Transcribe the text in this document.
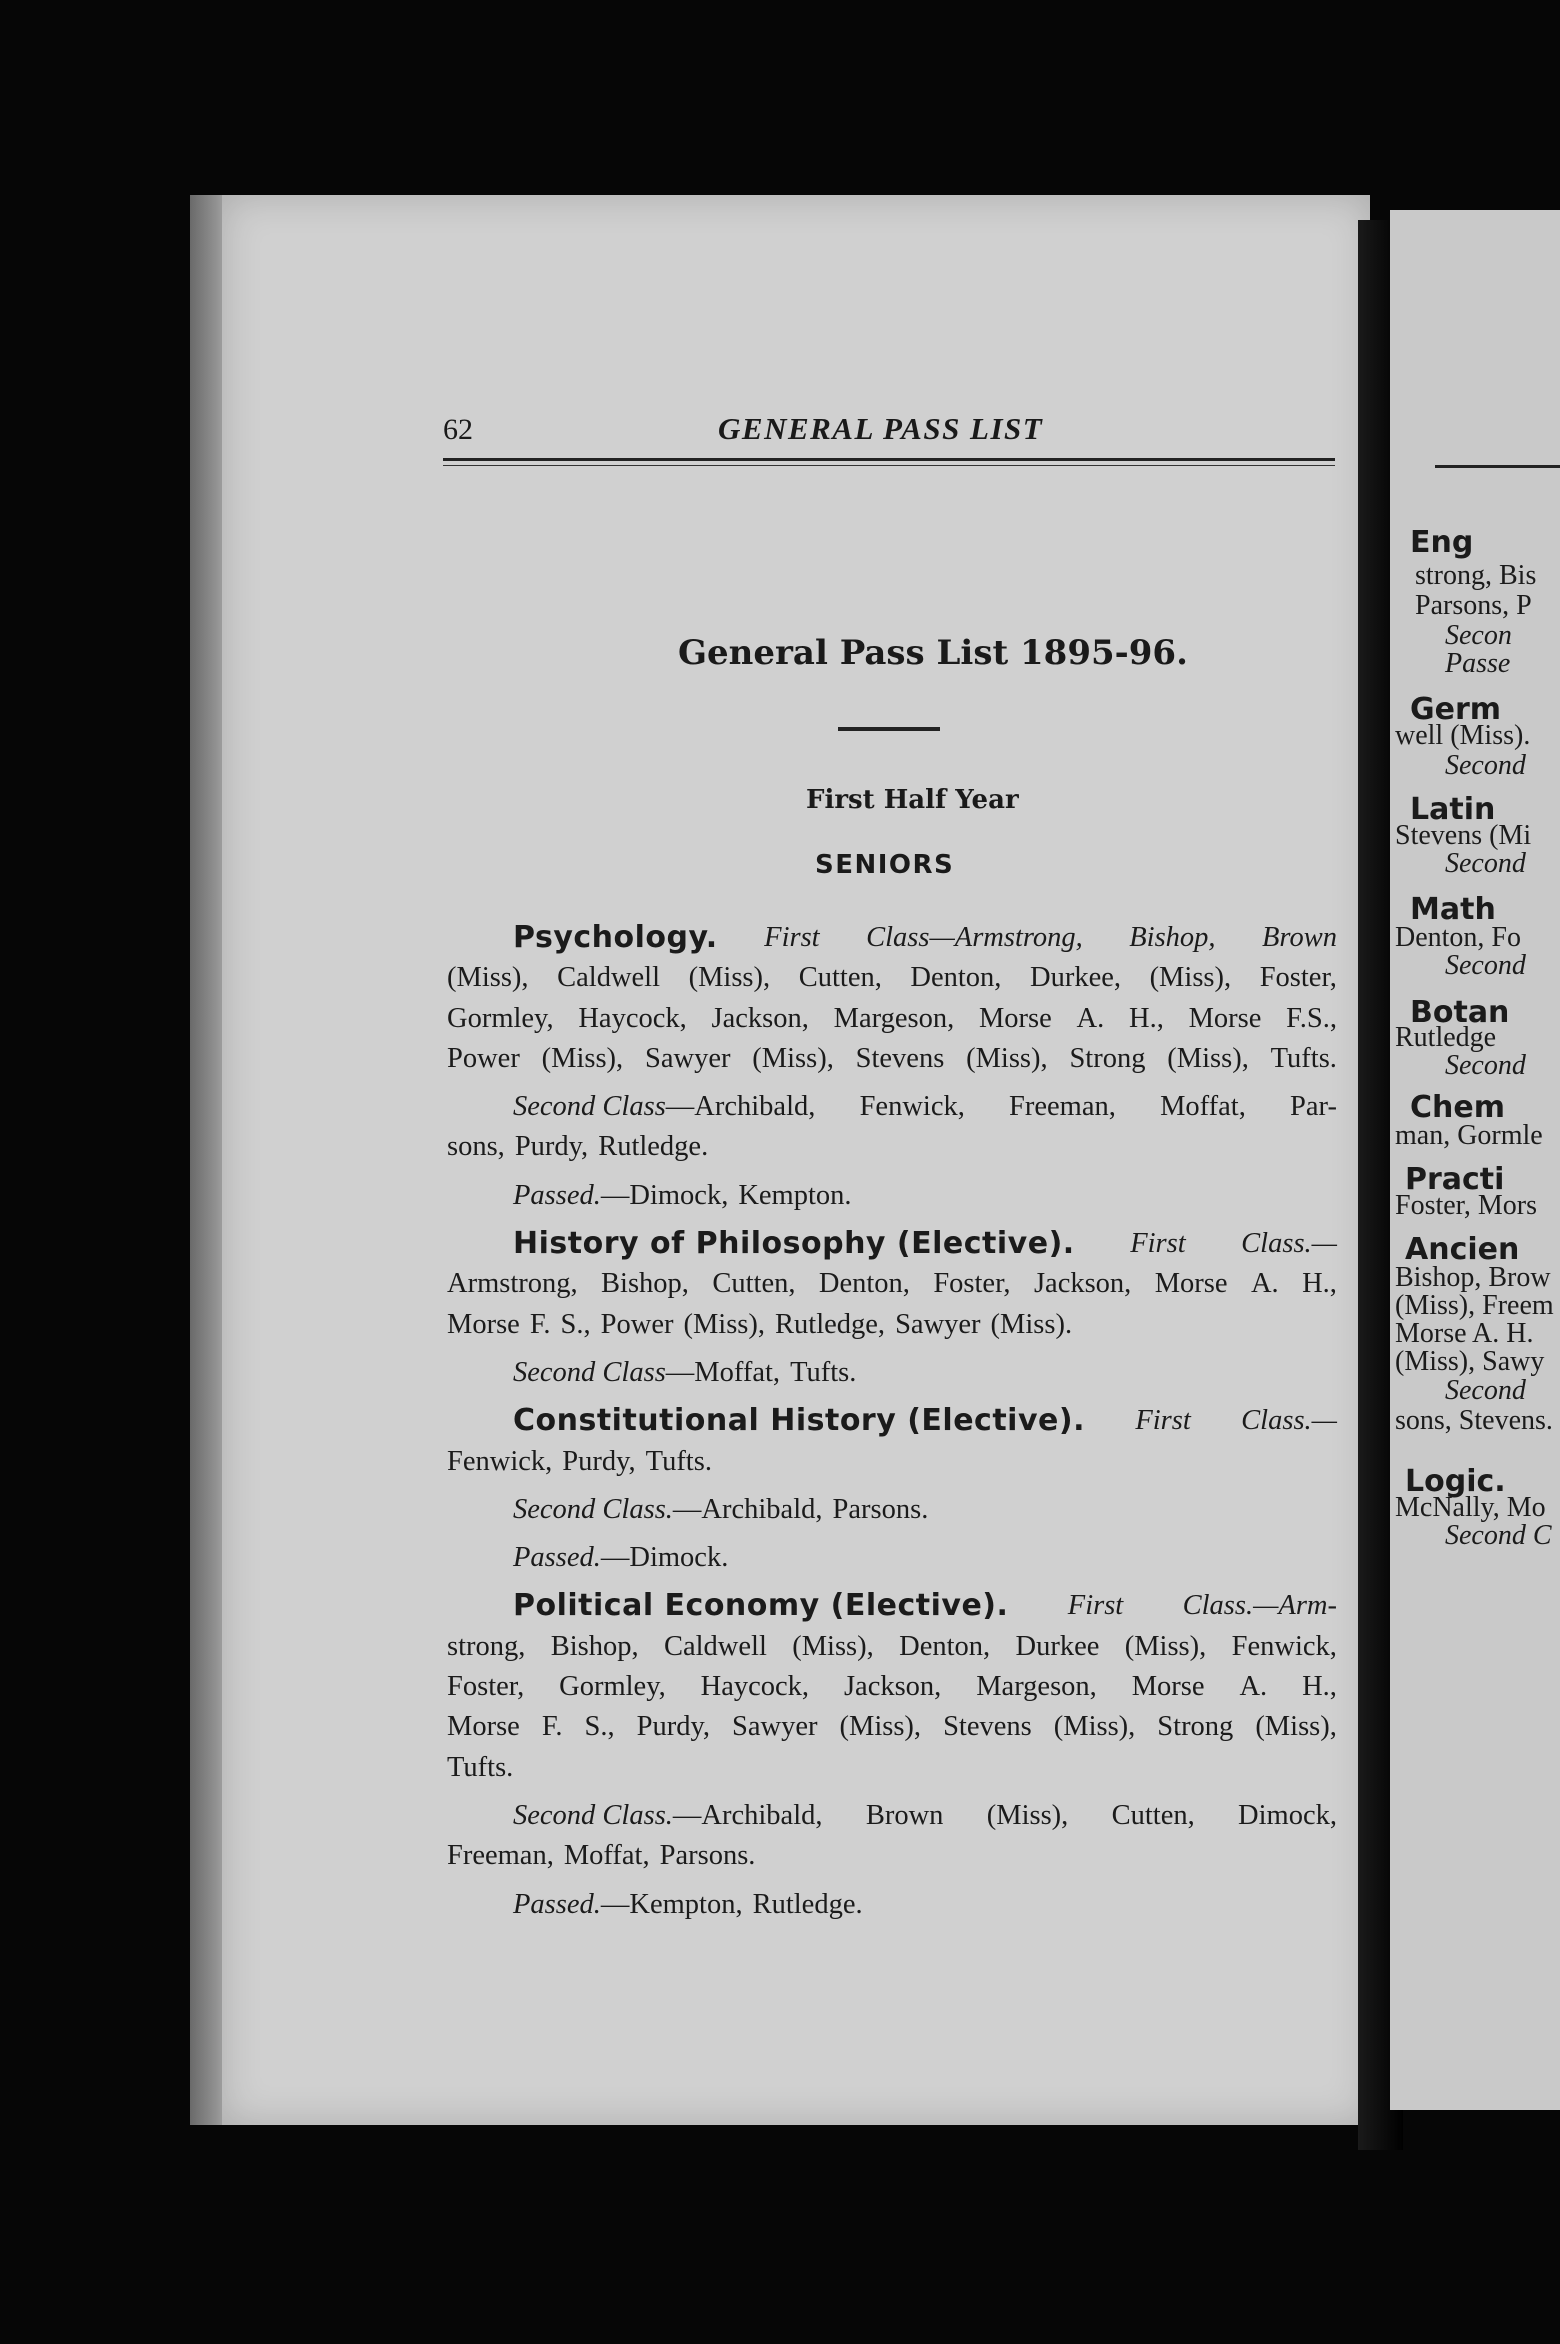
Eng
strong, Bis
Parsons, P
Secon
Passe
Germ
well (Miss).
Second
Latin
Stevens (Mi
Second
Math
Denton, Fo
Second
Botan
Rutledge
Second
Chem
man, Gormle
Practi
Foster, Mors
Ancien
Bishop, Brow
(Miss), Freem
Morse A. H.
(Miss), Sawy
Second
sons, Stevens.
Logic.
McNally, Mo
Second C
62	GENERAL PASS LIST
General Pass List 1895-96.
First Half Year
SENIORS
Psychology. First Class—Armstrong, Bishop, Brown
(Miss), Caldwell (Miss), Cutten, Denton, Durkee, (Miss), Foster,
Gormley, Haycock, Jackson, Margeson, Morse A. H., Morse F.S.,
Power (Miss), Sawyer (Miss), Stevens (Miss), Strong (Miss), Tufts.
Second Class—Archibald, Fenwick, Freeman, Moffat, Par-
sons, Purdy, Rutledge.
Passed.—Dimock, Kempton.
History of Philosophy (Elective). First Class.—
Armstrong, Bishop, Cutten, Denton, Foster, Jackson, Morse A. H.,
Morse F. S., Power (Miss), Rutledge, Sawyer (Miss).
Second Class—Moffat, Tufts.
Constitutional History (Elective). First Class.—
Fenwick, Purdy, Tufts.
Second Class.—Archibald, Parsons.
Passed.—Dimock.
Political Economy (Elective). First Class.—Arm-
strong, Bishop, Caldwell (Miss), Denton, Durkee (Miss), Fenwick,
Foster, Gormley, Haycock, Jackson, Margeson, Morse A. H.,
Morse F. S., Purdy, Sawyer (Miss), Stevens (Miss), Strong (Miss),
Tufts.
Second Class.—Archibald, Brown (Miss), Cutten, Dimock,
Freeman, Moffat, Parsons.
Passed.—Kempton, Rutledge.
